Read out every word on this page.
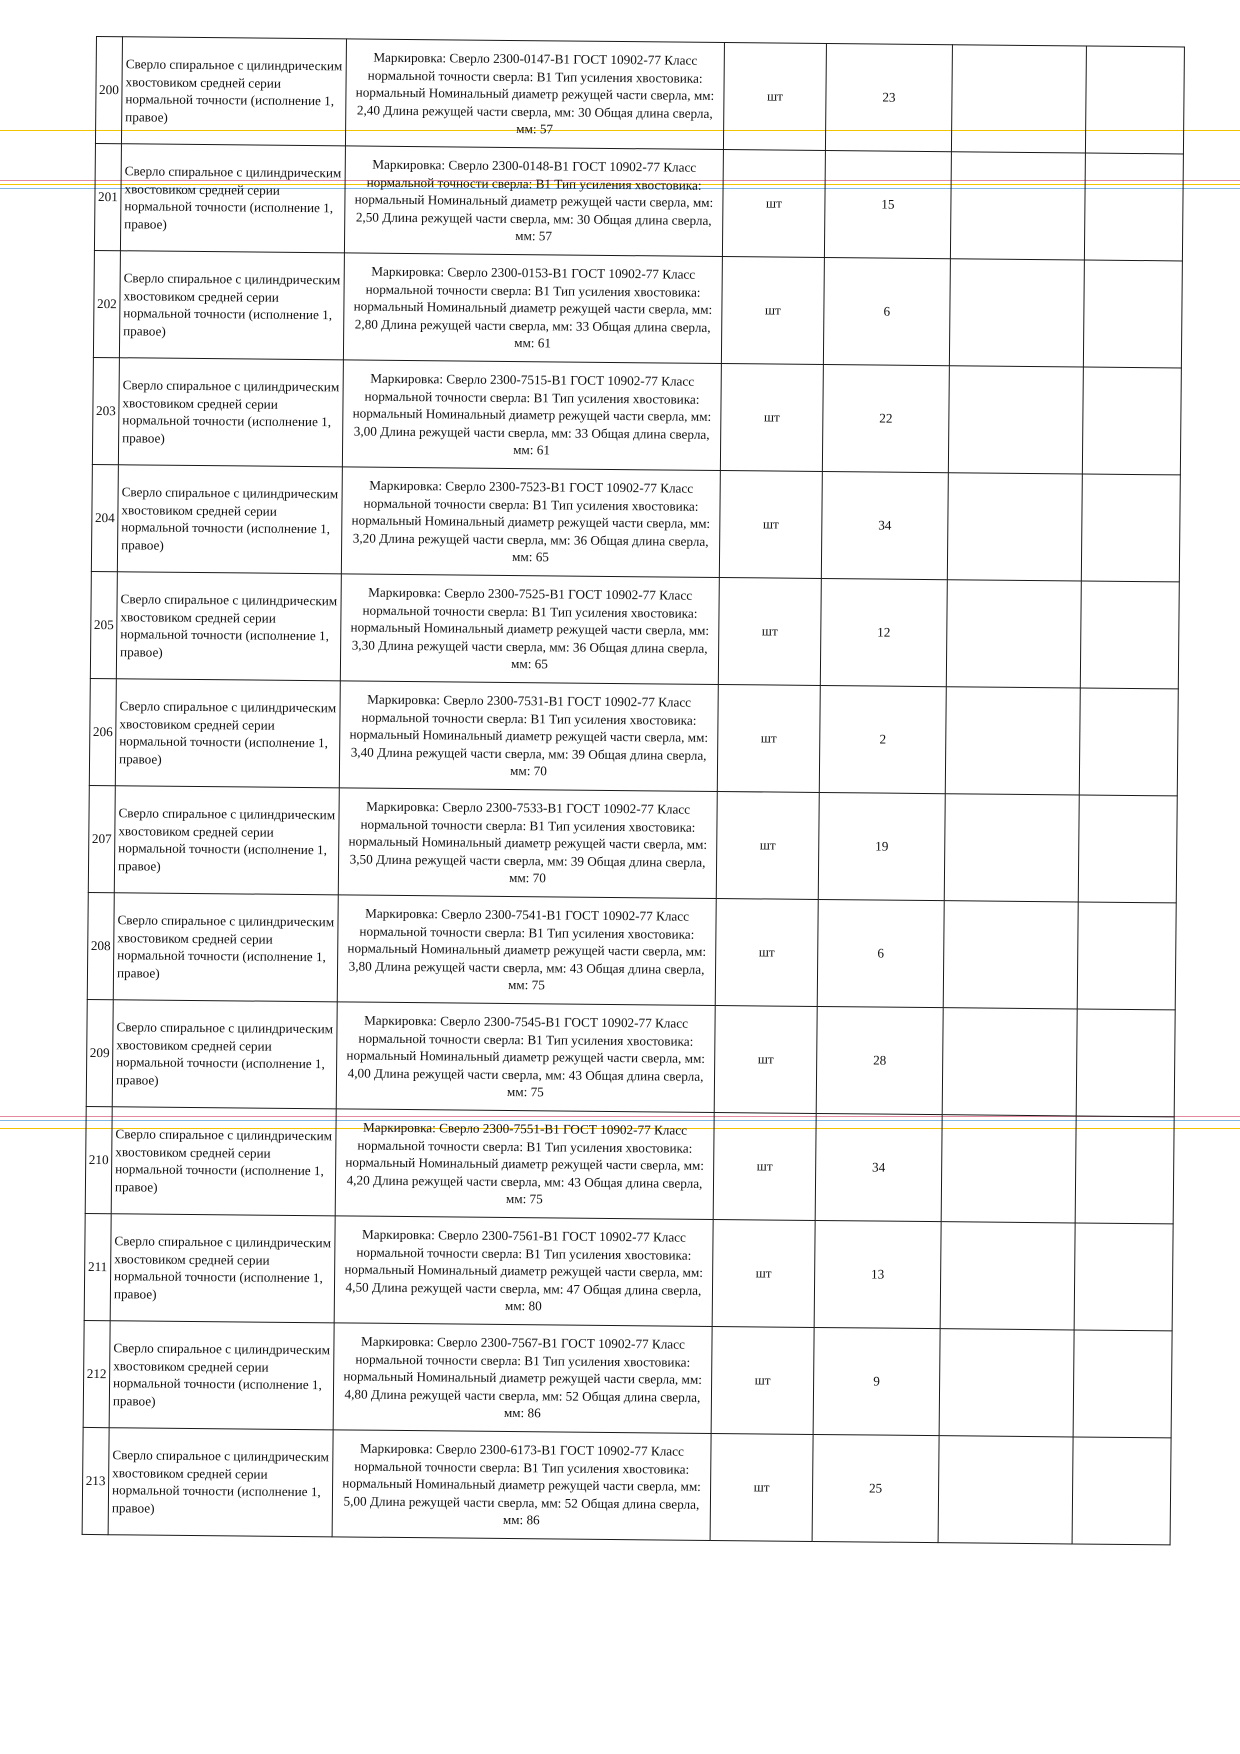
200	Сверло спиральное с цилиндрическим хвостовиком средней серии нормальной точности (исполнение 1, правое)	Маркировка: Сверло 2300-0147-B1 ГОСТ 10902-77 Класс нормальной точности сверла: В1 Тип усиления хвостовика: нормальный Номинальный диаметр режущей части сверла, мм: 2,40 Длина режущей части сверла, мм: 30 Общая длина сверла, мм: 57	шт	23		
201	Сверло спиральное с цилиндрическим хвостовиком средней серии нормальной точности (исполнение 1, правое)	Маркировка: Сверло 2300-0148-B1 ГОСТ 10902-77 Класс нормальной точности сверла: В1 Тип усиления хвостовика: нормальный Номинальный диаметр режущей части сверла, мм: 2,50 Длина режущей части сверла, мм: 30 Общая длина сверла, мм: 57	шт	15		
202	Сверло спиральное с цилиндрическим хвостовиком средней серии нормальной точности (исполнение 1, правое)	Маркировка: Сверло 2300-0153-B1 ГОСТ 10902-77 Класс нормальной точности сверла: В1 Тип усиления хвостовика: нормальный Номинальный диаметр режущей части сверла, мм: 2,80 Длина режущей части сверла, мм: 33 Общая длина сверла, мм: 61	шт	6		
203	Сверло спиральное с цилиндрическим хвостовиком средней серии нормальной точности (исполнение 1, правое)	Маркировка: Сверло 2300-7515-B1 ГОСТ 10902-77 Класс нормальной точности сверла: В1 Тип усиления хвостовика: нормальный Номинальный диаметр режущей части сверла, мм: 3,00 Длина режущей части сверла, мм: 33 Общая длина сверла, мм: 61	шт	22		
204	Сверло спиральное с цилиндрическим хвостовиком средней серии нормальной точности (исполнение 1, правое)	Маркировка: Сверло 2300-7523-B1 ГОСТ 10902-77 Класс нормальной точности сверла: В1 Тип усиления хвостовика: нормальный Номинальный диаметр режущей части сверла, мм: 3,20 Длина режущей части сверла, мм: 36 Общая длина сверла, мм: 65	шт	34		
205	Сверло спиральное с цилиндрическим хвостовиком средней серии нормальной точности (исполнение 1, правое)	Маркировка: Сверло 2300-7525-B1 ГОСТ 10902-77 Класс нормальной точности сверла: В1 Тип усиления хвостовика: нормальный Номинальный диаметр режущей части сверла, мм: 3,30 Длина режущей части сверла, мм: 36 Общая длина сверла, мм: 65	шт	12		
206	Сверло спиральное с цилиндрическим хвостовиком средней серии нормальной точности (исполнение 1, правое)	Маркировка: Сверло 2300-7531-B1 ГОСТ 10902-77 Класс нормальной точности сверла: В1 Тип усиления хвостовика: нормальный Номинальный диаметр режущей части сверла, мм: 3,40 Длина режущей части сверла, мм: 39 Общая длина сверла, мм: 70	шт	2		
207	Сверло спиральное с цилиндрическим хвостовиком средней серии нормальной точности (исполнение 1, правое)	Маркировка: Сверло 2300-7533-B1 ГОСТ 10902-77 Класс нормальной точности сверла: В1 Тип усиления хвостовика: нормальный Номинальный диаметр режущей части сверла, мм: 3,50 Длина режущей части сверла, мм: 39 Общая длина сверла, мм: 70	шт	19		
208	Сверло спиральное с цилиндрическим хвостовиком средней серии нормальной точности (исполнение 1, правое)	Маркировка: Сверло 2300-7541-B1 ГОСТ 10902-77 Класс нормальной точности сверла: В1 Тип усиления хвостовика: нормальный Номинальный диаметр режущей части сверла, мм: 3,80 Длина режущей части сверла, мм: 43 Общая длина сверла, мм: 75	шт	6		
209	Сверло спиральное с цилиндрическим хвостовиком средней серии нормальной точности (исполнение 1, правое)	Маркировка: Сверло 2300-7545-B1 ГОСТ 10902-77 Класс нормальной точности сверла: В1 Тип усиления хвостовика: нормальный Номинальный диаметр режущей части сверла, мм: 4,00 Длина режущей части сверла, мм: 43 Общая длина сверла, мм: 75	шт	28		
210	Сверло спиральное с цилиндрическим хвостовиком средней серии нормальной точности (исполнение 1, правое)	Маркировка: Сверло 2300-7551-B1 ГОСТ 10902-77 Класс нормальной точности сверла: В1 Тип усиления хвостовика: нормальный Номинальный диаметр режущей части сверла, мм: 4,20 Длина режущей части сверла, мм: 43 Общая длина сверла, мм: 75	шт	34		
211	Сверло спиральное с цилиндрическим хвостовиком средней серии нормальной точности (исполнение 1, правое)	Маркировка: Сверло 2300-7561-B1 ГОСТ 10902-77 Класс нормальной точности сверла: В1 Тип усиления хвостовика: нормальный Номинальный диаметр режущей части сверла, мм: 4,50 Длина режущей части сверла, мм: 47 Общая длина сверла, мм: 80	шт	13		
212	Сверло спиральное с цилиндрическим хвостовиком средней серии нормальной точности (исполнение 1, правое)	Маркировка: Сверло 2300-7567-B1 ГОСТ 10902-77 Класс нормальной точности сверла: В1 Тип усиления хвостовика: нормальный Номинальный диаметр режущей части сверла, мм: 4,80 Длина режущей части сверла, мм: 52 Общая длина сверла, мм: 86	шт	9		
213	Сверло спиральное с цилиндрическим хвостовиком средней серии нормальной точности (исполнение 1, правое)	Маркировка: Сверло 2300-6173-B1 ГОСТ 10902-77 Класс нормальной точности сверла: В1 Тип усиления хвостовика: нормальный Номинальный диаметр режущей части сверла, мм: 5,00 Длина режущей части сверла, мм: 52 Общая длина сверла, мм: 86	шт	25		
